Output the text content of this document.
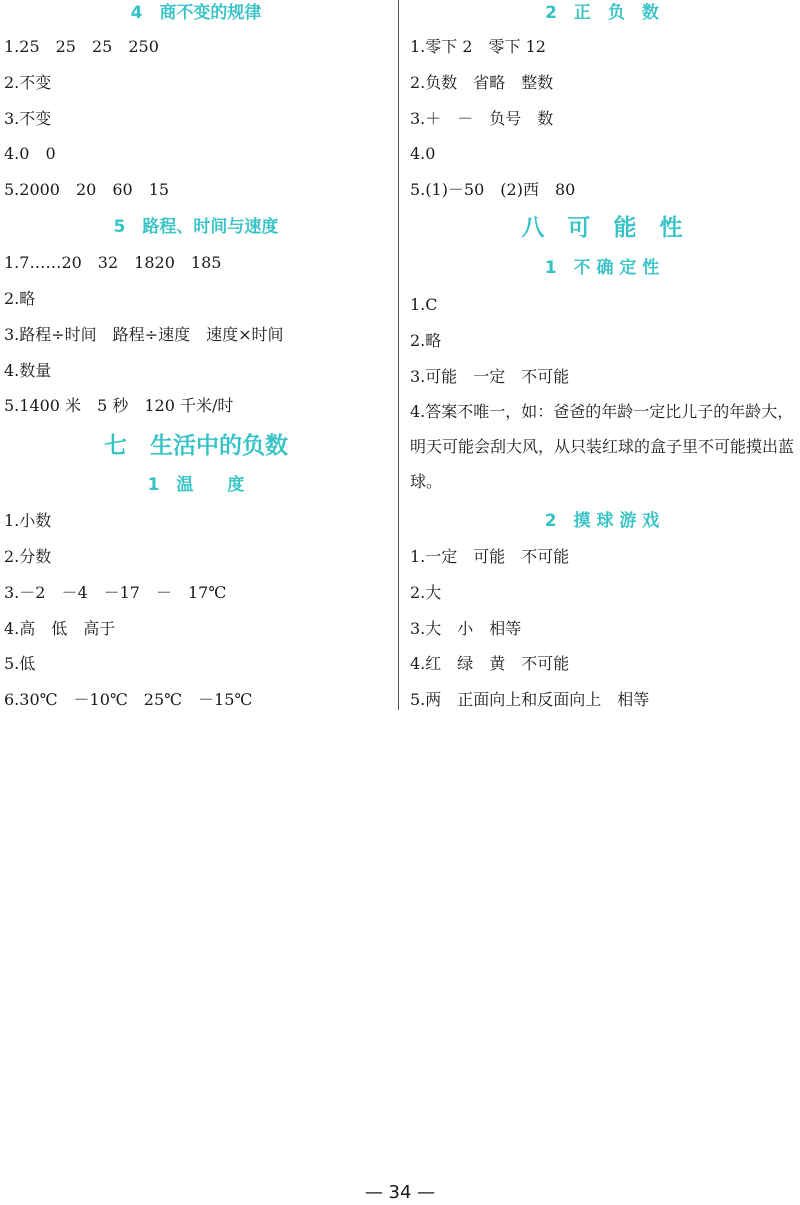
4　商不变的规律
1.25　25　25　250
2.不变
3.不变
4.0　0
5.2000　20　60　15
5　路程、时间与速度
1.7……20　32　1820　185
2.略
3.路程÷时间　路程÷速度　速度×时间
4.数量
5.1400 米　5 秒　120 千米/时
七　生活中的负数
1　温　　度
1.小数
2.分数
3.－2　－4　－17　－　17℃
4.高　低　高于
5.低
6.30℃　－10℃　25℃　－15℃
2　正　负　数
1.零下 2　零下 12
2.负数　省略　整数
3.＋　－　负号　数
4.0
5.(1)－50　(2)西　80
八　可　能　性
1　不 确 定 性
1.C
2.略
3.可能　一定　不可能
4.答案不唯一，如：爸爸的年龄一定比儿子的年龄大，明天可能会刮大风，从只装红球的盒子里不可能摸出蓝球。
2　摸 球 游 戏
1.一定　可能　不可能
2.大
3.大　小　相等
4.红　绿　黄　不可能
5.两　正面向上和反面向上　相等
— 34 —
